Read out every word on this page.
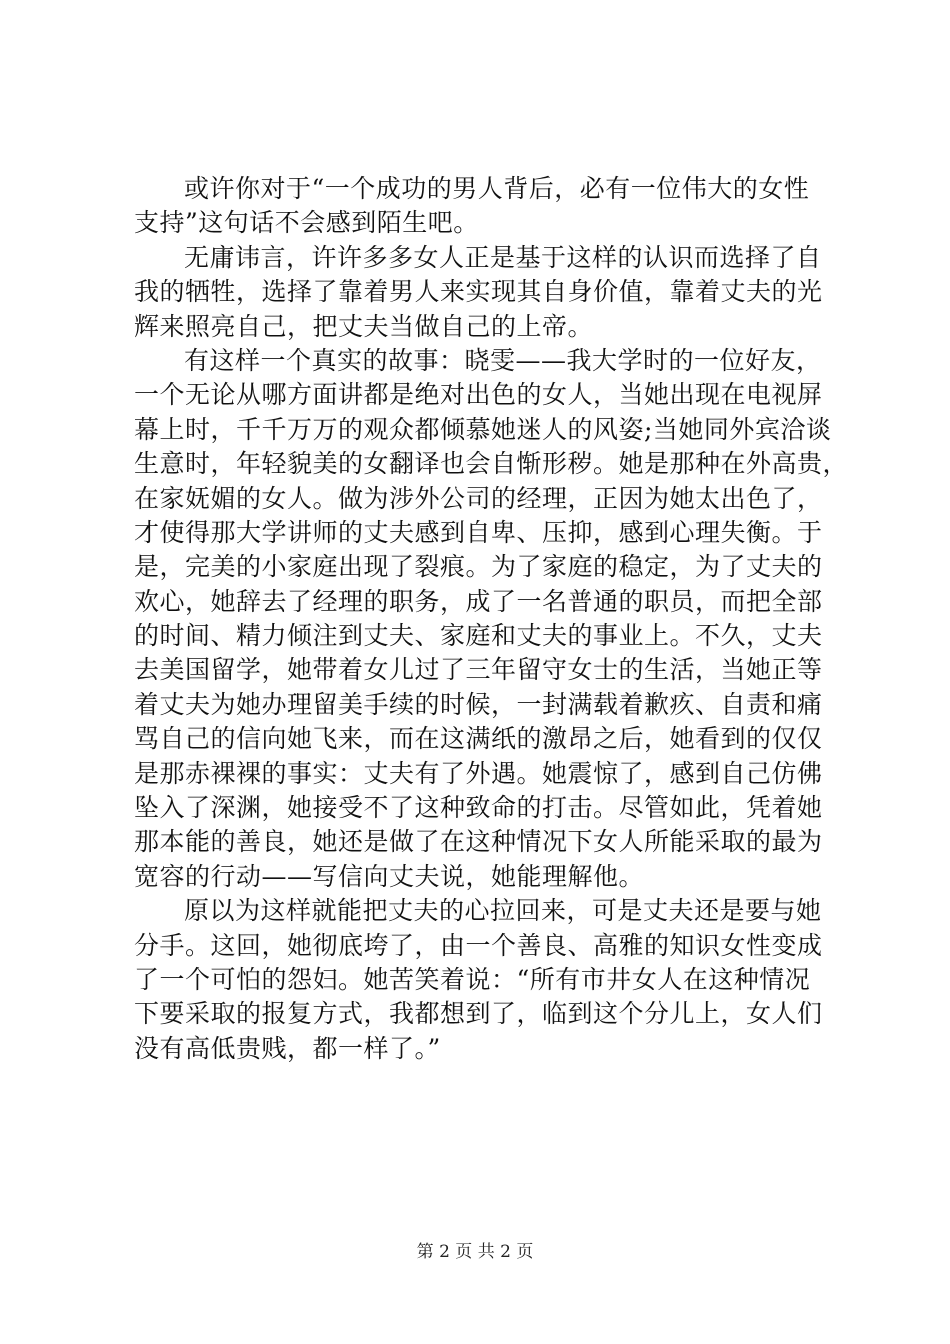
或许你对于“一个成功的男人背后，必有一位伟大的女性
支持”这句话不会感到陌生吧。
无庸讳言，许许多多女人正是基于这样的认识而选择了自
我的牺牲，选择了靠着男人来实现其自身价值，靠着丈夫的光
辉来照亮自己，把丈夫当做自己的上帝。
有这样一个真实的故事：晓雯——我大学时的一位好友，
一个无论从哪方面讲都是绝对出色的女人，当她出现在电视屏
幕上时，千千万万的观众都倾慕她迷人的风姿;当她同外宾洽谈
生意时，年轻貌美的女翻译也会自惭形秽。她是那种在外高贵，
在家妩媚的女人。做为涉外公司的经理，正因为她太出色了，
才使得那大学讲师的丈夫感到自卑、压抑，感到心理失衡。于
是，完美的小家庭出现了裂痕。为了家庭的稳定，为了丈夫的
欢心，她辞去了经理的职务，成了一名普通的职员，而把全部
的时间、精力倾注到丈夫、家庭和丈夫的事业上。不久，丈夫
去美国留学，她带着女儿过了三年留守女士的生活，当她正等
着丈夫为她办理留美手续的时候，一封满载着歉疚、自责和痛
骂自己的信向她飞来，而在这满纸的激昂之后，她看到的仅仅
是那赤裸裸的事实：丈夫有了外遇。她震惊了，感到自己仿佛
坠入了深渊，她接受不了这种致命的打击。尽管如此，凭着她
那本能的善良，她还是做了在这种情况下女人所能采取的最为
宽容的行动——写信向丈夫说，她能理解他。
原以为这样就能把丈夫的心拉回来，可是丈夫还是要与她
分手。这回，她彻底垮了，由一个善良、高雅的知识女性变成
了一个可怕的怨妇。她苦笑着说：“所有市井女人在这种情况
下要采取的报复方式，我都想到了，临到这个分儿上，女人们
没有高低贵贱，都一样了。”
第 2 页 共 2 页
